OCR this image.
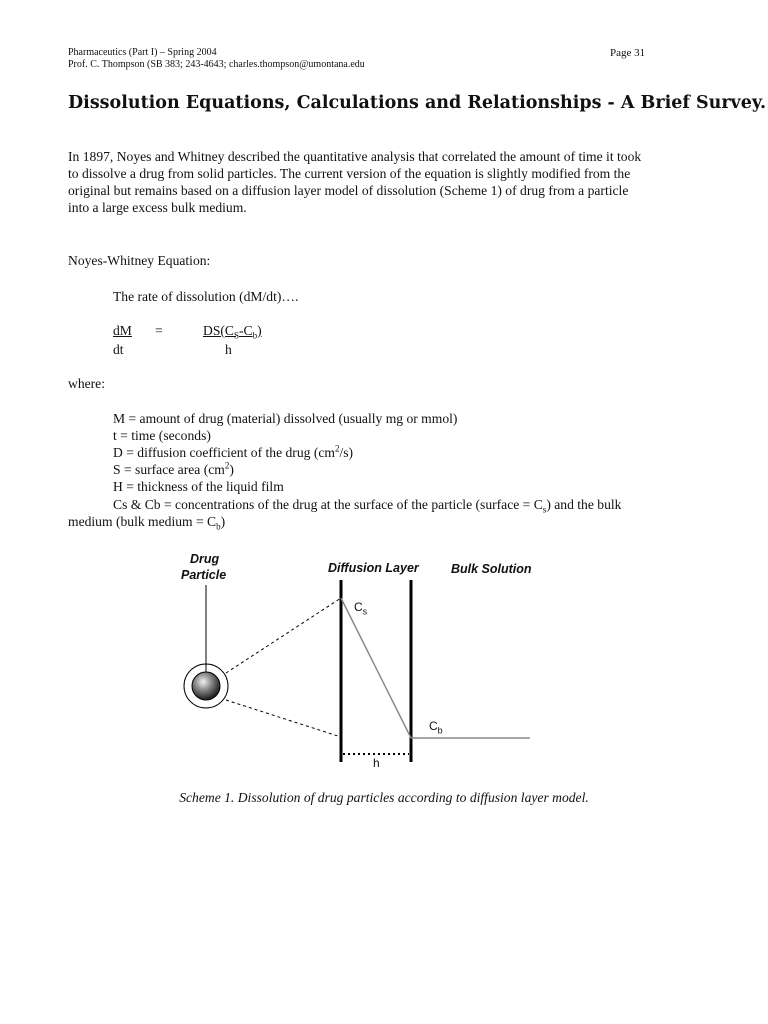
Pharmaceutics (Part I) – Spring 2004
Prof. C. Thompson (SB 383; 243-4643; charles.thompson@umontana.edu
Page 31
Dissolution Equations, Calculations and Relationships - A Brief Survey.
In 1897, Noyes and Whitney described the quantitative analysis that correlated the amount of time it took
to dissolve a drug from solid particles. The current version of the equation is slightly modified from the
original but remains based on a diffusion layer model of dissolution (Scheme 1) of drug from a particle
into a large excess bulk medium.
Noyes-Whitney Equation:
The rate of dissolution (dM/dt)….
dM =	$DS(C_S-C_b)$
dt	h
where:
M = amount of drug (material) dissolved (usually mg or mmol)
t = time (seconds)
D = diffusion coefficient of the drug $(cm^2/s)$
S = surface area $(cm^2)$
H = thickness of the liquid film
Cs & Cb = concentrations of the drug at the surface of the particle (surface = $C_s$) and the bulk
medium (bulk medium = $C_b$)
Drug
Particle	Diffusion Layer	Bulk Solution
$C_s$
$C_b$
h
Scheme 1. Dissolution of drug particles according to diffusion layer model.
